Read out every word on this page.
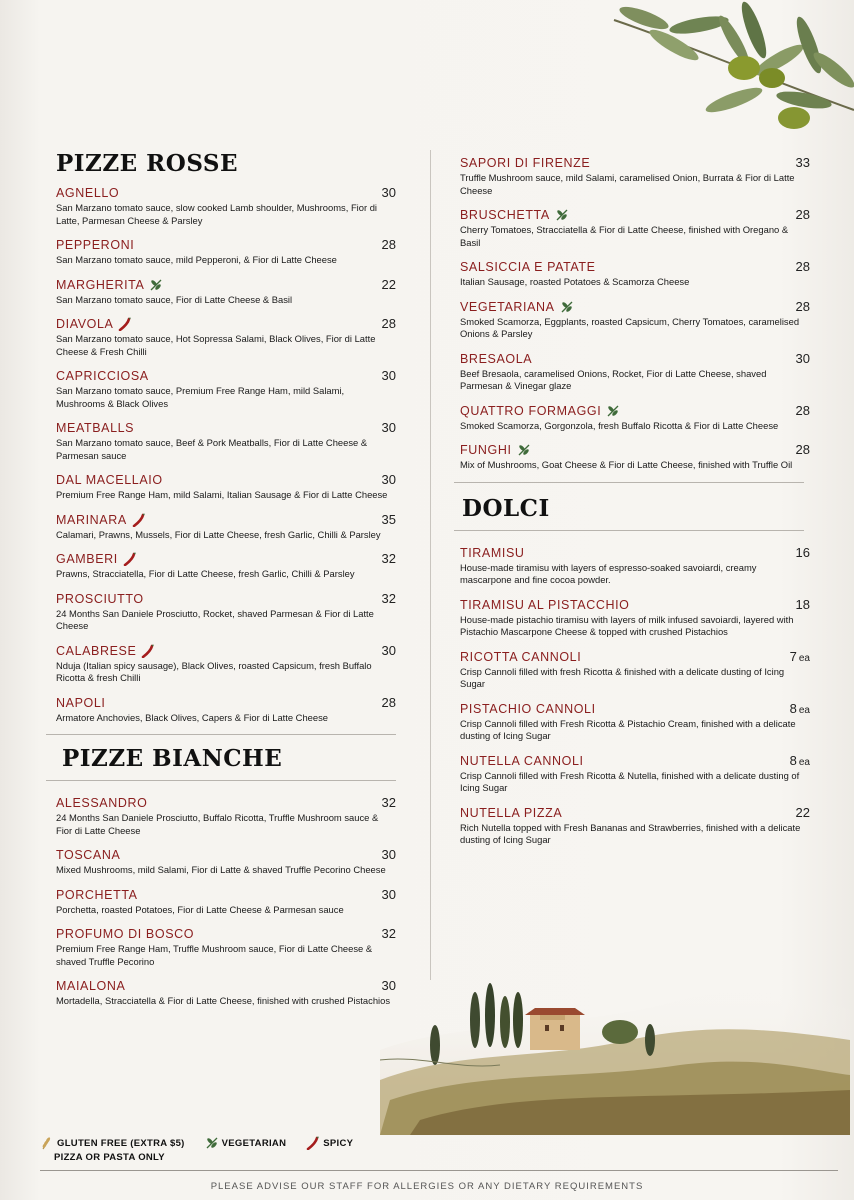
PIZZE ROSSE
AGNELLO	30
San Marzano tomato sauce, slow cooked Lamb shoulder, Mushrooms, Fior di Latte, Parmesan Cheese & Parsley
PEPPERONI	28
San Marzano tomato sauce, mild Pepperoni, & Fior di Latte Cheese
MARGHERITA	22
San Marzano tomato sauce, Fior di Latte Cheese & Basil
DIAVOLA	28
San Marzano tomato sauce, Hot Sopressa Salami, Black Olives, Fior di Latte Cheese & Fresh Chilli
CAPRICCIOSA	30
San Marzano tomato sauce, Premium Free Range Ham, mild Salami, Mushrooms & Black Olives
MEATBALLS	30
San Marzano tomato sauce, Beef & Pork Meatballs, Fior di Latte Cheese & Parmesan sauce
DAL MACELLAIO	30
Premium Free Range Ham, mild Salami, Italian Sausage & Fior di Latte Cheese
MARINARA	35
Calamari, Prawns, Mussels, Fior di Latte Cheese, fresh Garlic, Chilli & Parsley
GAMBERI	32
Prawns, Stracciatella, Fior di Latte Cheese, fresh Garlic, Chilli & Parsley
PROSCIUTTO	32
24 Months San Daniele Prosciutto, Rocket, shaved Parmesan & Fior di Latte Cheese
CALABRESE	30
Nduja (Italian spicy sausage), Black Olives, roasted Capsicum, fresh Buffalo Ricotta & fresh Chilli
NAPOLI	28
Armatore Anchovies, Black Olives, Capers & Fior di Latte Cheese
PIZZE BIANCHE
ALESSANDRO	32
24 Months San Daniele Prosciutto, Buffalo Ricotta, Truffle Mushroom sauce & Fior di Latte Cheese
TOSCANA	30
Mixed Mushrooms, mild Salami, Fior di Latte & shaved Truffle Pecorino Cheese
PORCHETTA	30
Porchetta, roasted Potatoes, Fior di Latte Cheese & Parmesan sauce
PROFUMO DI BOSCO	32
Premium Free Range Ham, Truffle Mushroom sauce, Fior di Latte Cheese & shaved Truffle Pecorino
MAIALONA	30
Mortadella, Stracciatella & Fior di Latte Cheese, finished with crushed Pistachios
SAPORI DI FIRENZE	33
Truffle Mushroom sauce, mild Salami, caramelised Onion, Burrata & Fior di Latte Cheese
BRUSCHETTA	28
Cherry Tomatoes, Stracciatella & Fior di Latte Cheese, finished with Oregano & Basil
SALSICCIA E PATATE	28
Italian Sausage, roasted Potatoes & Scamorza Cheese
VEGETARIANA	28
Smoked Scamorza, Eggplants, roasted Capsicum, Cherry Tomatoes, caramelised Onions & Parsley
BRESAOLA	30
Beef Bresaola, caramelised Onions, Rocket, Fior di Latte Cheese, shaved Parmesan & Vinegar glaze
QUATTRO FORMAGGI	28
Smoked Scamorza, Gorgonzola, fresh Buffalo Ricotta & Fior di Latte Cheese
FUNGHI	28
Mix of Mushrooms, Goat Cheese & Fior di Latte Cheese, finished with Truffle Oil
DOLCI
TIRAMISU	16
House-made tiramisu with layers of espresso-soaked savoiardi, creamy mascarpone and fine cocoa powder.
TIRAMISU AL PISTACCHIO	18
House-made pistachio tiramisu with layers of milk infused savoiardi, layered with Pistachio Mascarpone Cheese & topped with crushed Pistachios
RICOTTA CANNOLI	7 ea
Crisp Cannoli filled with fresh Ricotta & finished with a delicate dusting of Icing Sugar
PISTACHIO CANNOLI	8 ea
Crisp Cannoli filled with Fresh Ricotta & Pistachio Cream, finished with a delicate dusting of Icing Sugar
NUTELLA CANNOLI	8 ea
Crisp Cannoli filled with Fresh Ricotta & Nutella, finished with a delicate dusting of Icing Sugar
NUTELLA PIZZA	22
Rich Nutella topped with Fresh Bananas and Strawberries, finished with a delicate dusting of Icing Sugar
GLUTEN FREE (EXTRA $5)	VEGETARIAN	SPICY
PIZZA OR PASTA ONLY
PLEASE ADVISE OUR STAFF FOR ALLERGIES OR ANY DIETARY REQUIREMENTS
